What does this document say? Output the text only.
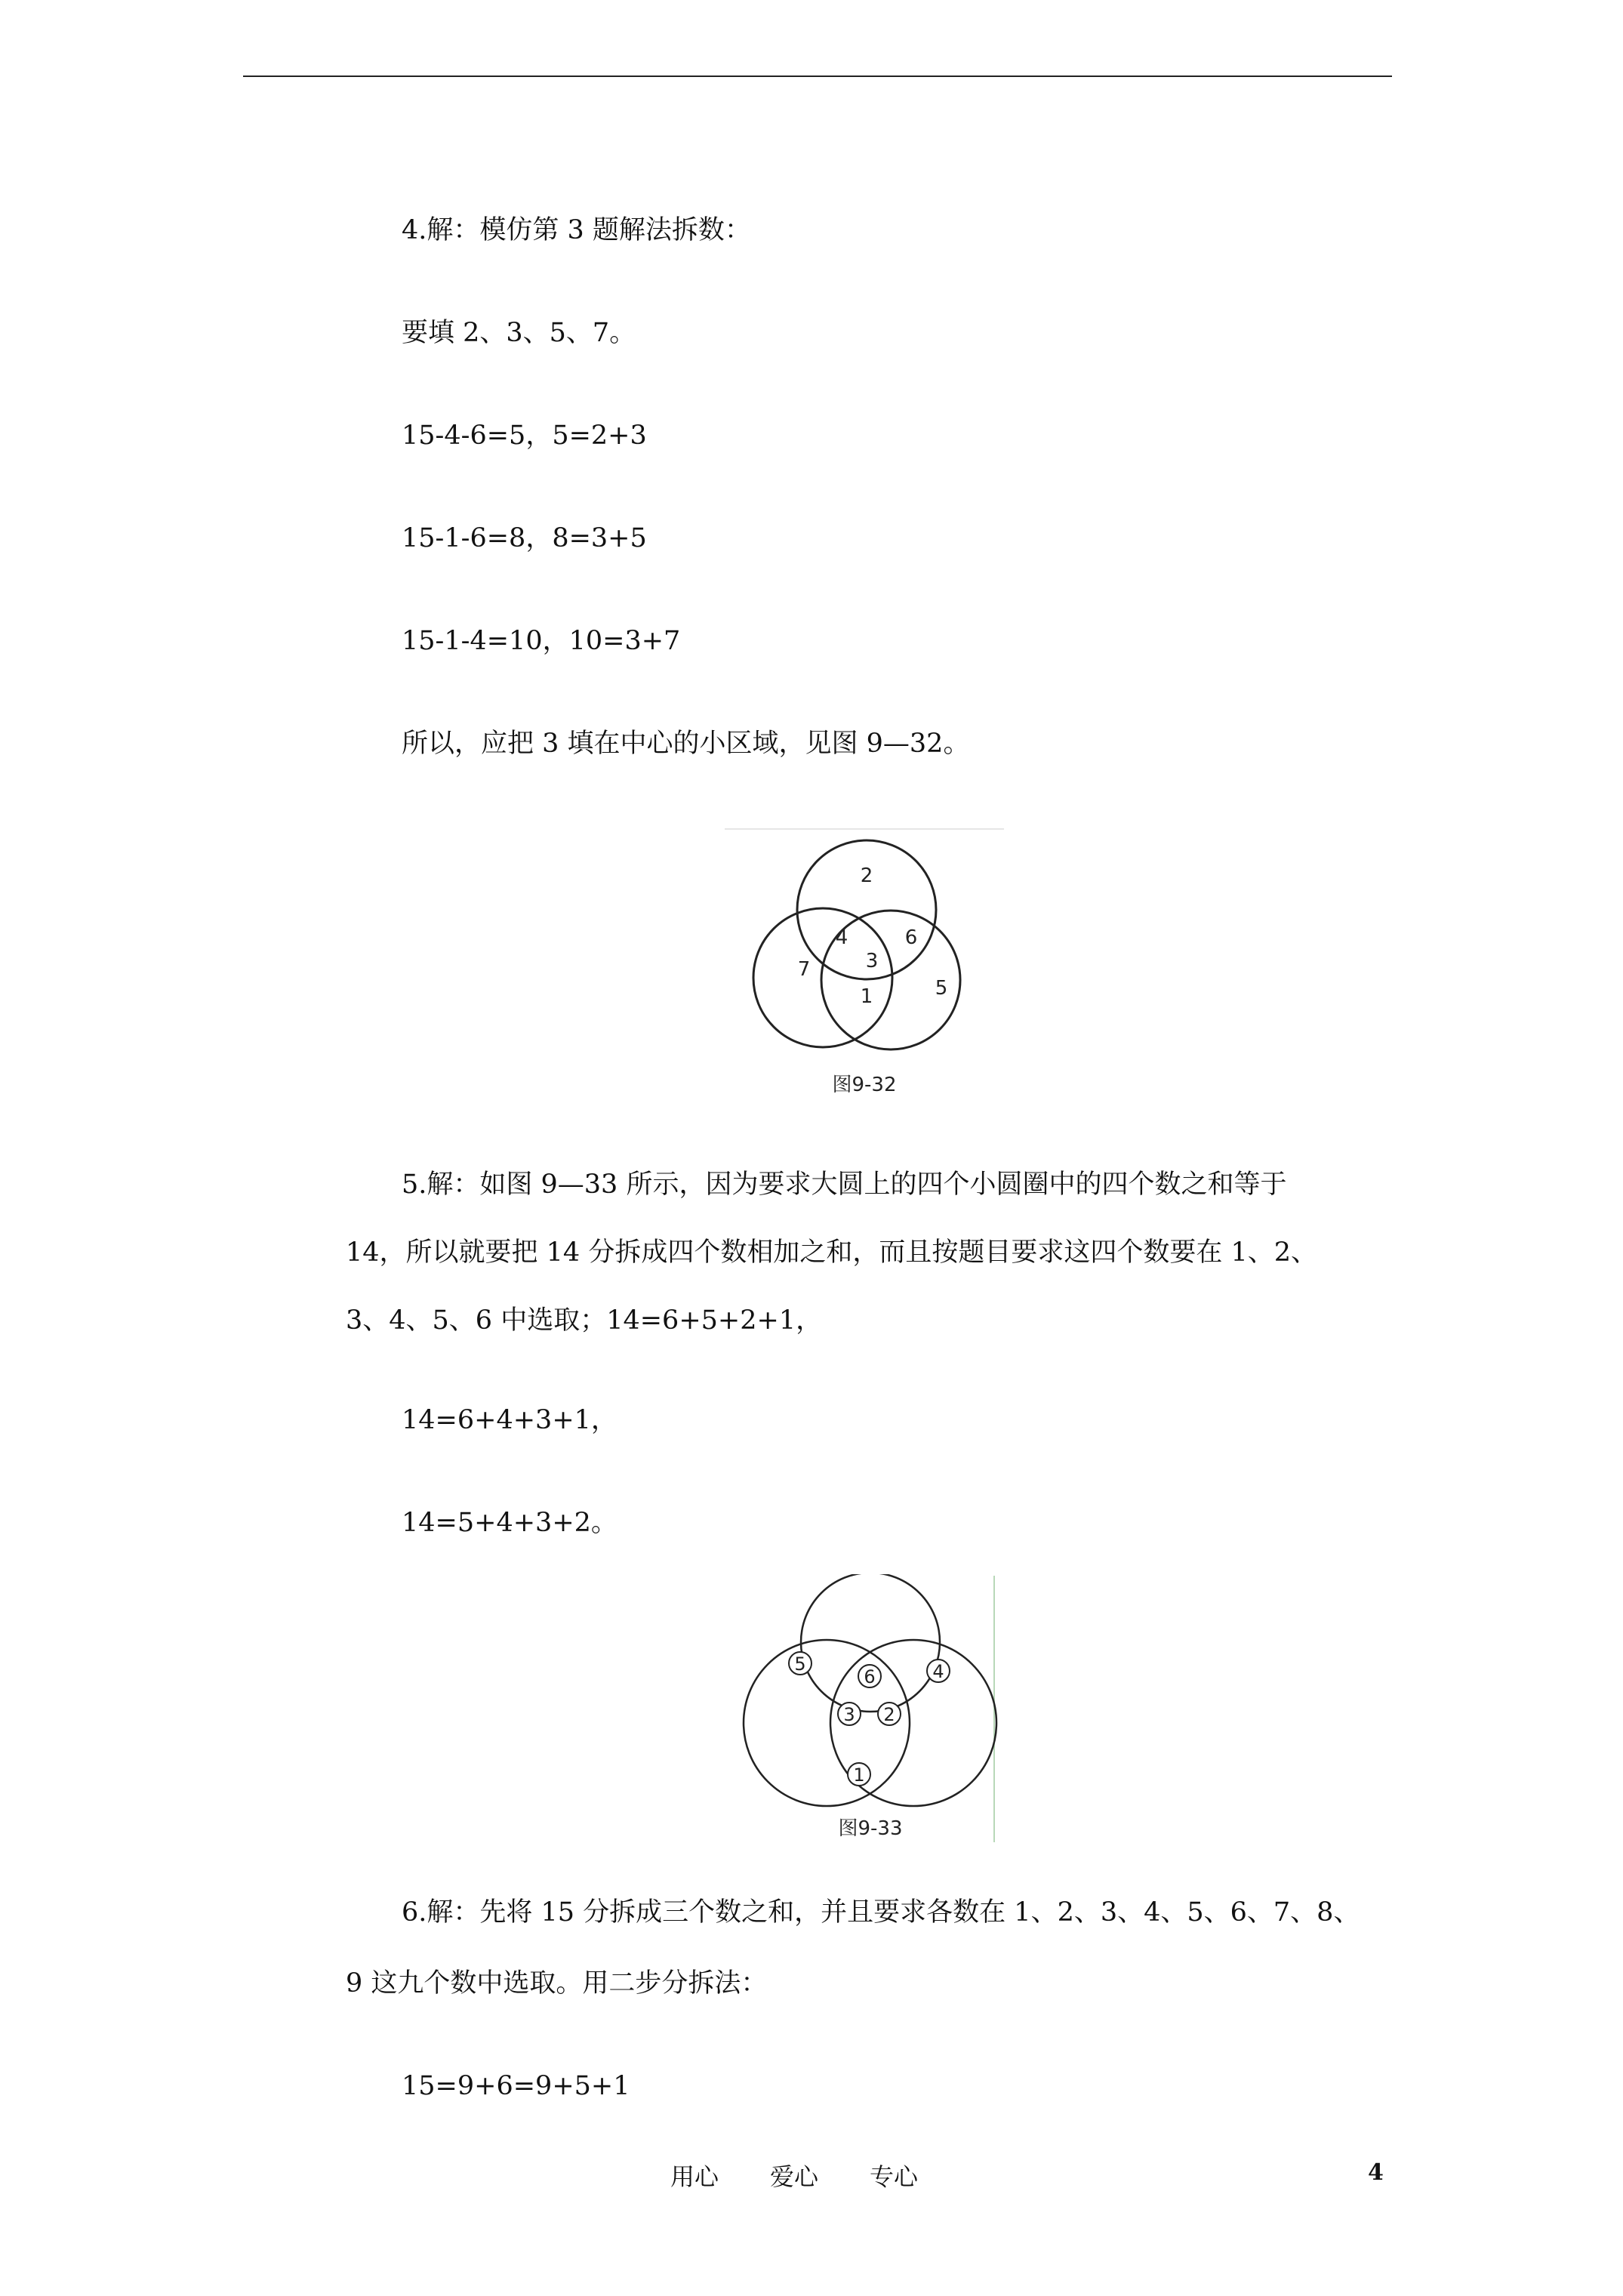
4.解：模仿第 3 题解法拆数：
要填 2、3、5、7。
15-4-6=5，5=2+3
15-1-6=8，8=3+5
15-1-4=10，10=3+7
所以，应把 3 填在中心的小区域，见图 9—32。
2
4	6
3
7
1	5
图9-32
5.解：如图 9—33 所示，因为要求大圆上的四个小圆圈中的四个数之和等于
14，所以就要把 14 分拆成四个数相加之和，而且按题目要求这四个数要在 1、2、
3、4、5、6 中选取；14=6+5+2+1，
14=6+4+3+1，
14=5+4+3+2。
5	4
6
3 2
1
图9-33
6.解：先将 15 分拆成三个数之和，并且要求各数在 1、2、3、4、5、6、7、8、
9 这九个数中选取。用二步分拆法：
15=9+6=9+5+1
用心 爱心 专心	4
